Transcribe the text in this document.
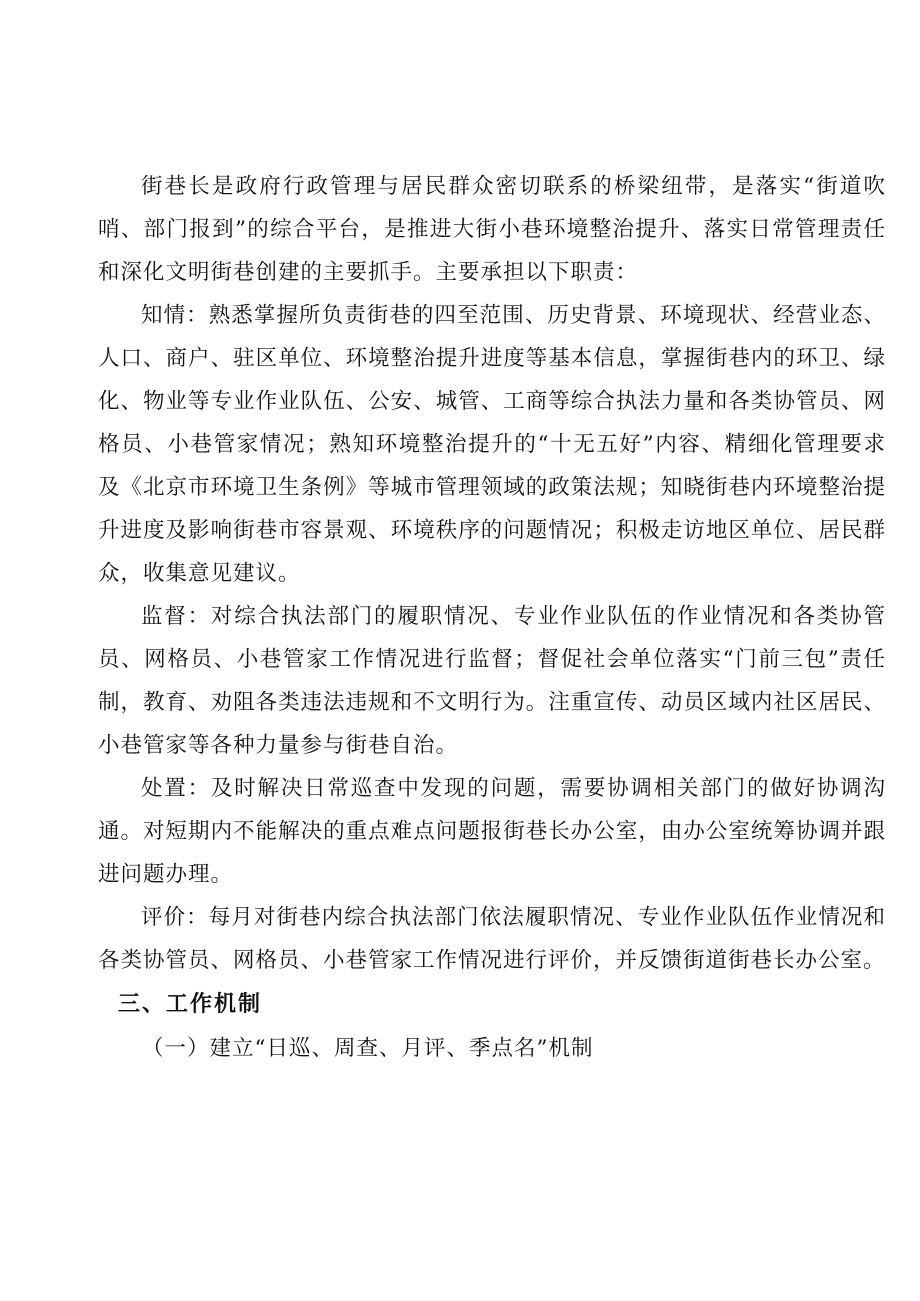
街巷长是政府行政管理与居民群众密切联系的桥梁纽带，是落实“街道吹哨、部门报到”的综合平台，是推进大街小巷环境整治提升、落实日常管理责任和深化文明街巷创建的主要抓手。主要承担以下职责：

知情：熟悉掌握所负责街巷的四至范围、历史背景、环境现状、经营业态、人口、商户、驻区单位、环境整治提升进度等基本信息，掌握街巷内的环卫、绿化、物业等专业作业队伍、公安、城管、工商等综合执法力量和各类协管员、网格员、小巷管家情况；熟知环境整治提升的“十无五好”内容、精细化管理要求及《北京市环境卫生条例》等城市管理领域的政策法规；知晓街巷内环境整治提升进度及影响街巷市容景观、环境秩序的问题情况；积极走访地区单位、居民群众，收集意见建议。

监督：对综合执法部门的履职情况、专业作业队伍的作业情况和各类协管员、网格员、小巷管家工作情况进行监督；督促社会单位落实“门前三包”责任制，教育、劝阻各类违法违规和不文明行为。注重宣传、动员区域内社区居民、小巷管家等各种力量参与街巷自治。

处置：及时解决日常巡查中发现的问题，需要协调相关部门的做好协调沟通。对短期内不能解决的重点难点问题报街巷长办公室，由办公室统筹协调并跟进问题办理。

评价：每月对街巷内综合执法部门依法履职情况、专业作业队伍作业情况和各类协管员、网格员、小巷管家工作情况进行评价，并反馈街道街巷长办公室。

三、工作机制

（一）建立“日巡、周查、月评、季点名”机制
